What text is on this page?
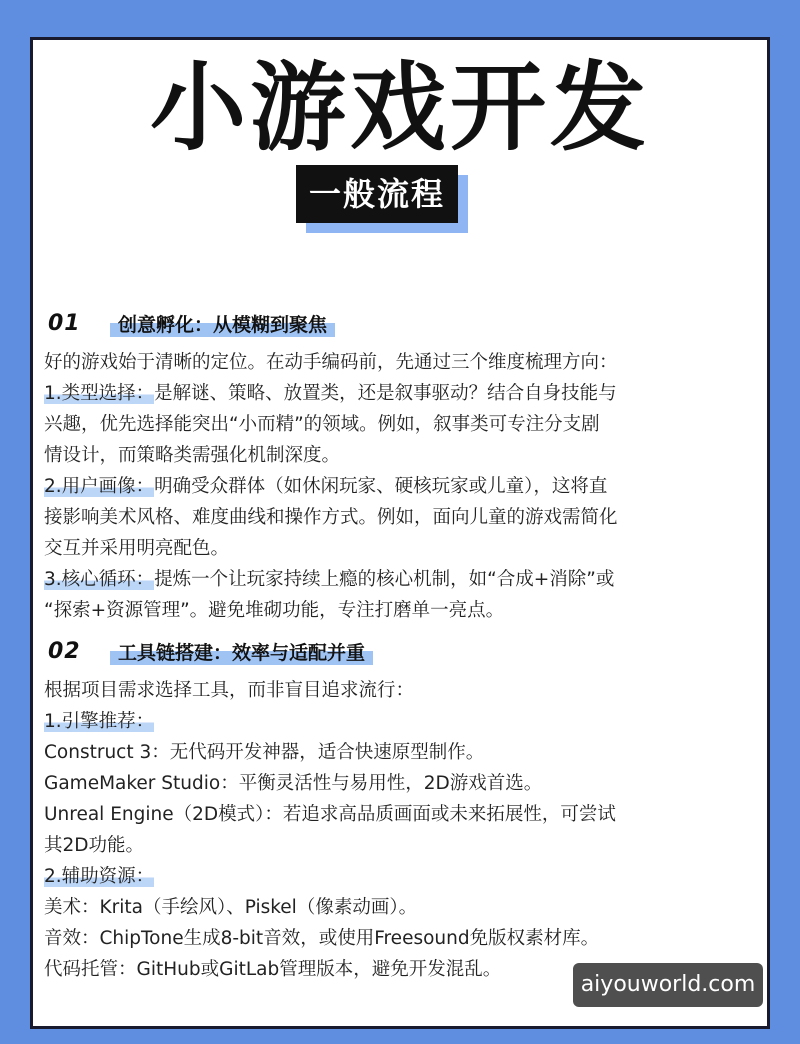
小游戏开发
一般流程
01	创意孵化：从模糊到聚焦
好的游戏始于清晰的定位。在动手编码前，先通过三个维度梳理方向：
1.类型选择：是解谜、策略、放置类，还是叙事驱动？结合自身技能与
兴趣，优先选择能突出“小而精”的领域。例如，叙事类可专注分支剧
情设计，而策略类需强化机制深度。
2.用户画像：明确受众群体（如休闲玩家、硬核玩家或儿童），这将直
接影响美术风格、难度曲线和操作方式。例如，面向儿童的游戏需简化
交互并采用明亮配色。
3.核心循环：提炼一个让玩家持续上瘾的核心机制，如“合成+消除”或
“探索+资源管理”。避免堆砌功能，专注打磨单一亮点。
02	工具链搭建：效率与适配并重
根据项目需求选择工具，而非盲目追求流行：
1.引擎推荐：
Construct 3：无代码开发神器，适合快速原型制作。
GameMaker Studio：平衡灵活性与易用性，2D游戏首选。
Unreal Engine（2D模式）：若追求高品质画面或未来拓展性，可尝试
其2D功能。
2.辅助资源：
美术：Krita（手绘风）、Piskel（像素动画）。
音效：ChipTone生成8-bit音效，或使用Freesound免版权素材库。
代码托管：GitHub或GitLab管理版本，避免开发混乱。
aiyouworld.com
